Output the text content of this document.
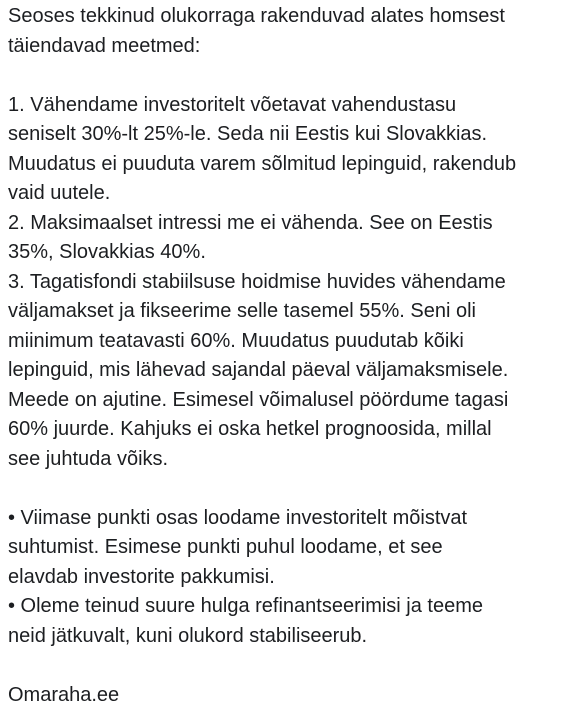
Seoses tekkinud olukorraga rakenduvad alates homsest
täiendavad meetmed:
1. Vähendame investoritelt võetavat vahendustasu
seniselt 30%-lt 25%-le. Seda nii Eestis kui Slovakkias.
Muudatus ei puuduta varem sõlmitud lepinguid, rakendub
vaid uutele.
2. Maksimaalset intressi me ei vähenda. See on Eestis
35%, Slovakkias 40%.
3. Tagatisfondi stabiilsuse hoidmise huvides vähendame
väljamakset ja fikseerime selle tasemel 55%. Seni oli
miinimum teatavasti 60%. Muudatus puudutab kõiki
lepinguid, mis lähevad sajandal päeval väljamaksmisele.
Meede on ajutine. Esimesel võimalusel pöördume tagasi
60% juurde. Kahjuks ei oska hetkel prognoosida, millal
see juhtuda võiks.
• Viimase punkti osas loodame investoritelt mõistvat
suhtumist. Esimese punkti puhul loodame, et see
elavdab investorite pakkumisi.
• Oleme teinud suure hulga refinantseerimisi ja teeme
neid jätkuvalt, kuni olukord stabiliseerub.
Omaraha.ee
